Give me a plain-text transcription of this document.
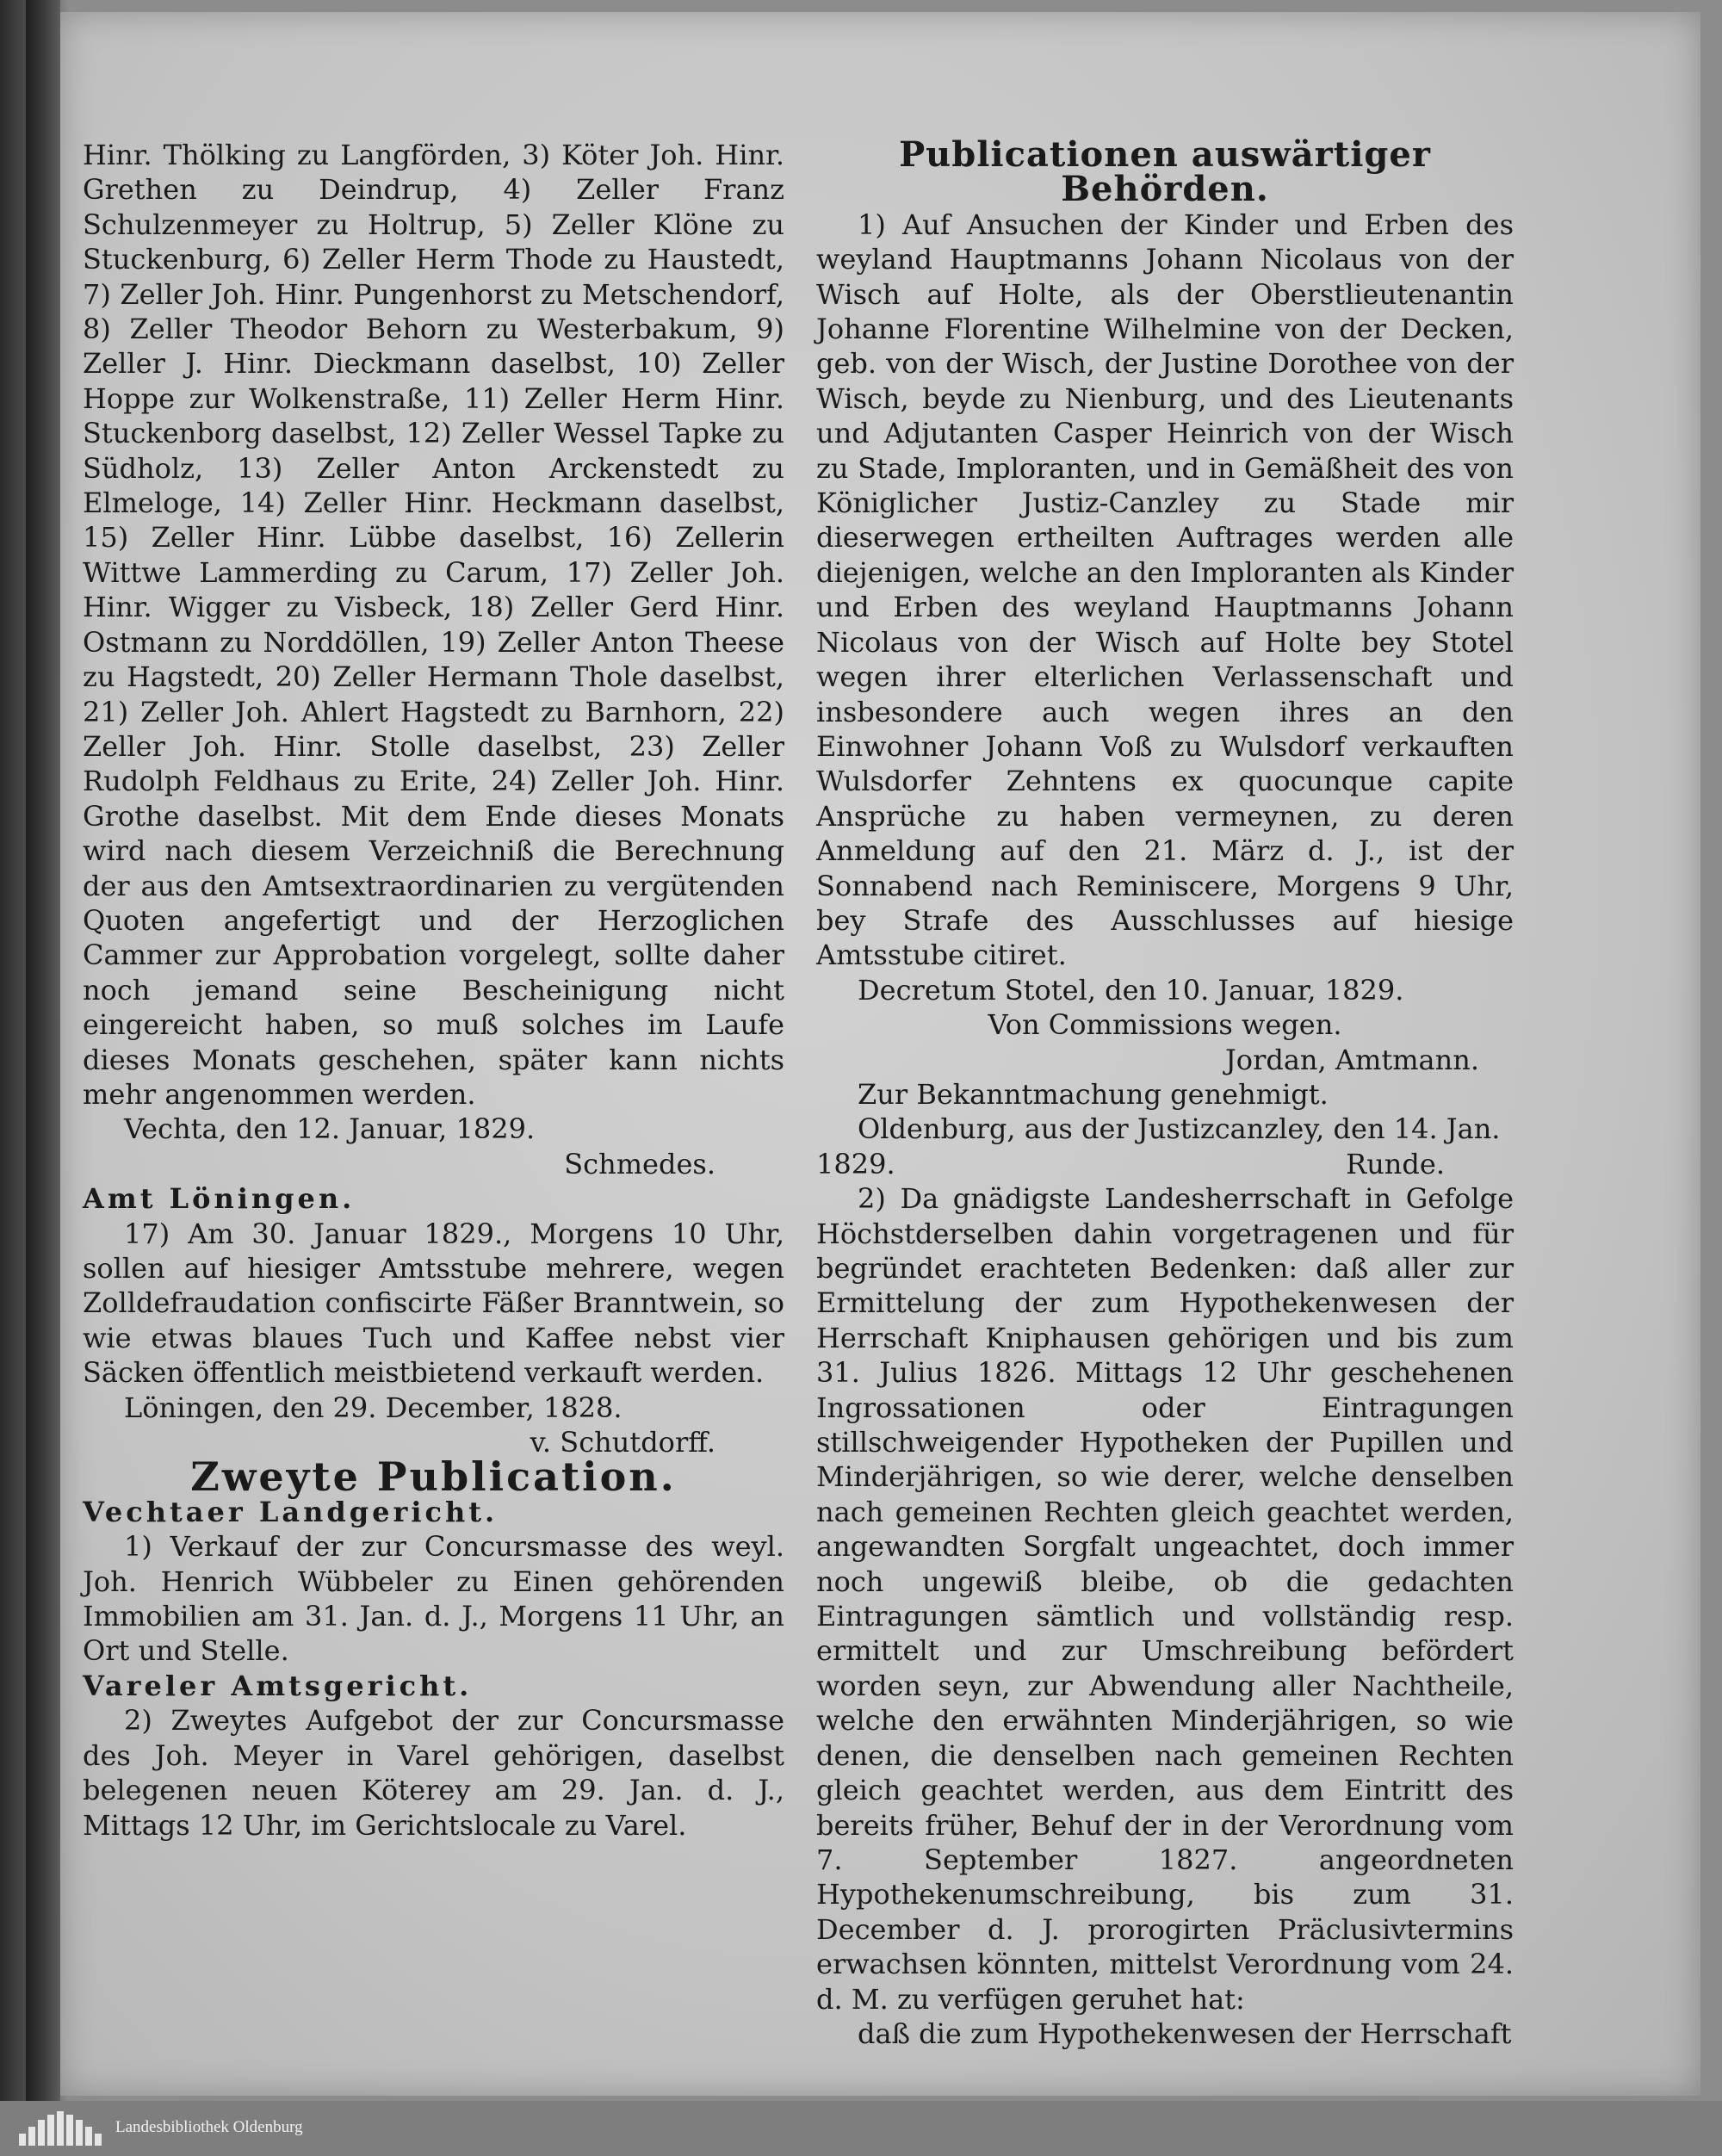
Hinr. Thölking zu Langförden, 3) Köter Joh. Hinr. Grethen zu Deindrup, 4) Zeller Franz Schulzenmeyer zu Holtrup, 5) Zeller Klöne zu Stuckenburg, 6) Zeller Herm Thode zu Haustedt, 7) Zeller Joh. Hinr. Pungenhorst zu Metschendorf, 8) Zeller Theodor Behorn zu Westerbakum, 9) Zeller J. Hinr. Dieckmann daselbst, 10) Zeller Hoppe zur Wolkenstraße, 11) Zeller Herm Hinr. Stuckenborg daselbst, 12) Zeller Wessel Tapke zu Südholz, 13) Zeller Anton Arckenstedt zu Elmeloge, 14) Zeller Hinr. Heckmann daselbst, 15) Zeller Hinr. Lübbe daselbst, 16) Zellerin Wittwe Lammerding zu Carum, 17) Zeller Joh. Hinr. Wigger zu Visbeck, 18) Zeller Gerd Hinr. Ostmann zu Norddöllen, 19) Zeller Anton Theese zu Hagstedt, 20) Zeller Hermann Thole daselbst, 21) Zeller Joh. Ahlert Hagstedt zu Barnhorn, 22) Zeller Joh. Hinr. Stolle daselbst, 23) Zeller Rudolph Feldhaus zu Erite, 24) Zeller Joh. Hinr. Grothe daselbst. Mit dem Ende dieses Monats wird nach diesem Verzeichniß die Berechnung der aus den Amtsextraordinarien zu vergütenden Quoten angefertigt und der Herzoglichen Cammer zur Approbation vorgelegt, sollte daher noch jemand seine Bescheinigung nicht eingereicht haben, so muß solches im Laufe dieses Monats geschehen, später kann nichts mehr angenommen werden.

Vechta, den 12. Januar, 1829.

Schmedes.

Amt Löningen.

17) Am 30. Januar 1829., Morgens 10 Uhr, sollen auf hiesiger Amtsstube mehrere, wegen Zolldefraudation confiscirte Fäßer Branntwein, so wie etwas blaues Tuch und Kaffee nebst vier Säcken öffentlich meistbietend verkauft werden.

Löningen, den 29. December, 1828.

v. Schutdorff.

Zweyte Publication.

Vechtaer Landgericht.

1) Verkauf der zur Concursmasse des weyl. Joh. Henrich Wübbeler zu Einen gehörenden Immobilien am 31. Jan. d. J., Morgens 11 Uhr, an Ort und Stelle.

Vareler Amtsgericht.

2) Zweytes Aufgebot der zur Concursmasse des Joh. Meyer in Varel gehörigen, daselbst belegenen neuen Köterey am 29. Jan. d. J., Mittags 12 Uhr, im Gerichtslocale zu Varel.

Publicationen auswärtiger Behörden.

1) Auf Ansuchen der Kinder und Erben des weyland Hauptmanns Johann Nicolaus von der Wisch auf Holte, als der Oberstlieutenantin Johanne Florentine Wilhelmine von der Decken, geb. von der Wisch, der Justine Dorothee von der Wisch, beyde zu Nienburg, und des Lieutenants und Adjutanten Casper Heinrich von der Wisch zu Stade, Imploranten, und in Gemäßheit des von Königlicher Justiz-Canzley zu Stade mir dieserwegen ertheilten Auftrages werden alle diejenigen, welche an den Imploranten als Kinder und Erben des weyland Hauptmanns Johann Nicolaus von der Wisch auf Holte bey Stotel wegen ihrer elterlichen Verlassenschaft und insbesondere auch wegen ihres an den Einwohner Johann Voß zu Wulsdorf verkauften Wulsdorfer Zehntens ex quocunque capite Ansprüche zu haben vermeynen, zu deren Anmeldung auf den 21. März d. J., ist der Sonnabend nach Reminiscere, Morgens 9 Uhr, bey Strafe des Ausschlusses auf hiesige Amtsstube citiret.

Decretum Stotel, den 10. Januar, 1829.

Von Commissions wegen.

Jordan, Amtmann.

Zur Bekanntmachung genehmigt.

Oldenburg, aus der Justizcanzley, den 14. Jan.

1829.	Runde.

2) Da gnädigste Landesherrschaft in Gefolge Höchstderselben dahin vorgetragenen und für begründet erachteten Bedenken: daß aller zur Ermittelung der zum Hypothekenwesen der Herrschaft Kniphausen gehörigen und bis zum 31. Julius 1826. Mittags 12 Uhr geschehenen Ingrossationen oder Eintragungen stillschweigender Hypotheken der Pupillen und Minderjährigen, so wie derer, welche denselben nach gemeinen Rechten gleich geachtet werden, angewandten Sorgfalt ungeachtet, doch immer noch ungewiß bleibe, ob die gedachten Eintragungen sämtlich und vollständig resp. ermittelt und zur Umschreibung befördert worden seyn, zur Abwendung aller Nachtheile, welche den erwähnten Minderjährigen, so wie denen, die denselben nach gemeinen Rechten gleich geachtet werden, aus dem Eintritt des bereits früher, Behuf der in der Verordnung vom 7. September 1827. angeordneten Hypothekenumschreibung, bis zum 31. December d. J. prorogirten Präclusivtermins erwachsen könnten, mittelst Verordnung vom 24. d. M. zu verfügen geruhet hat:

daß die zum Hypothekenwesen der Herrschaft

Landesbibliothek Oldenburg
